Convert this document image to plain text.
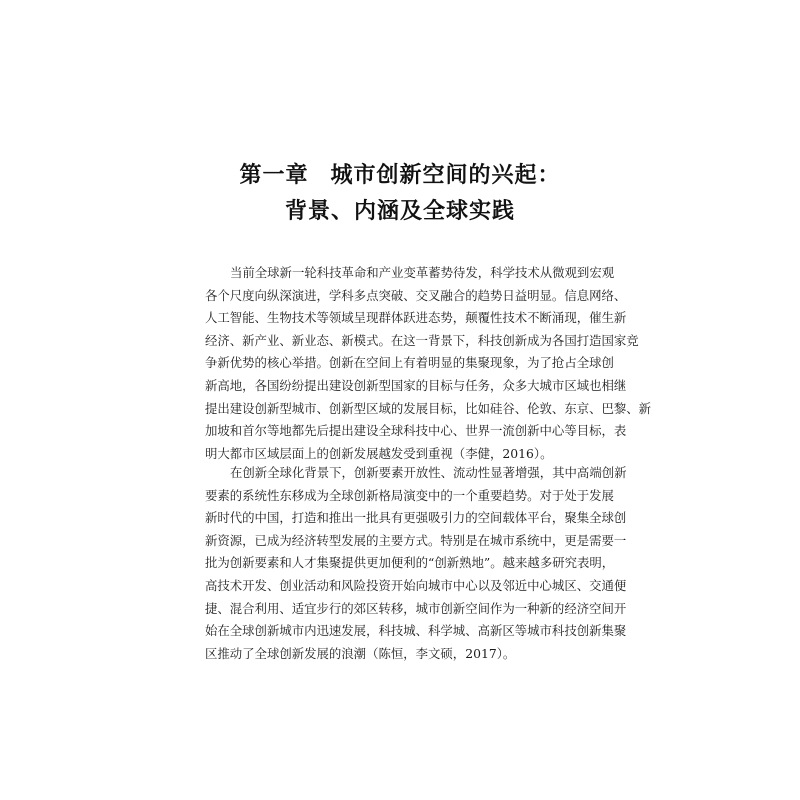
第一章 城市创新空间的兴起：
背景、内涵及全球实践
当前全球新一轮科技革命和产业变革蓄势待发，科学技术从微观到宏观
各个尺度向纵深演进，学科多点突破、交叉融合的趋势日益明显。信息网络、
人工智能、生物技术等领域呈现群体跃进态势，颠覆性技术不断涌现，催生新
经济、新产业、新业态、新模式。在这一背景下，科技创新成为各国打造国家竞
争新优势的核心举措。创新在空间上有着明显的集聚现象，为了抢占全球创
新高地，各国纷纷提出建设创新型国家的目标与任务，众多大城市区域也相继
提出建设创新型城市、创新型区域的发展目标，比如硅谷、伦敦、东京、巴黎、新
加坡和首尔等地都先后提出建设全球科技中心、世界一流创新中心等目标，表
明大都市区域层面上的创新发展越发受到重视（李健，2016）。
在创新全球化背景下，创新要素开放性、流动性显著增强，其中高端创新
要素的系统性东移成为全球创新格局演变中的一个重要趋势。对于处于发展
新时代的中国，打造和推出一批具有更强吸引力的空间载体平台，聚集全球创
新资源，已成为经济转型发展的主要方式。特别是在城市系统中，更是需要一
批为创新要素和人才集聚提供更加便利的“创新熟地”。越来越多研究表明，
高技术开发、创业活动和风险投资开始向城市中心以及邻近中心城区、交通便
捷、混合利用、适宜步行的郊区转移，城市创新空间作为一种新的经济空间开
始在全球创新城市内迅速发展，科技城、科学城、高新区等城市科技创新集聚
区推动了全球创新发展的浪潮（陈恒，李文硕，2017）。
